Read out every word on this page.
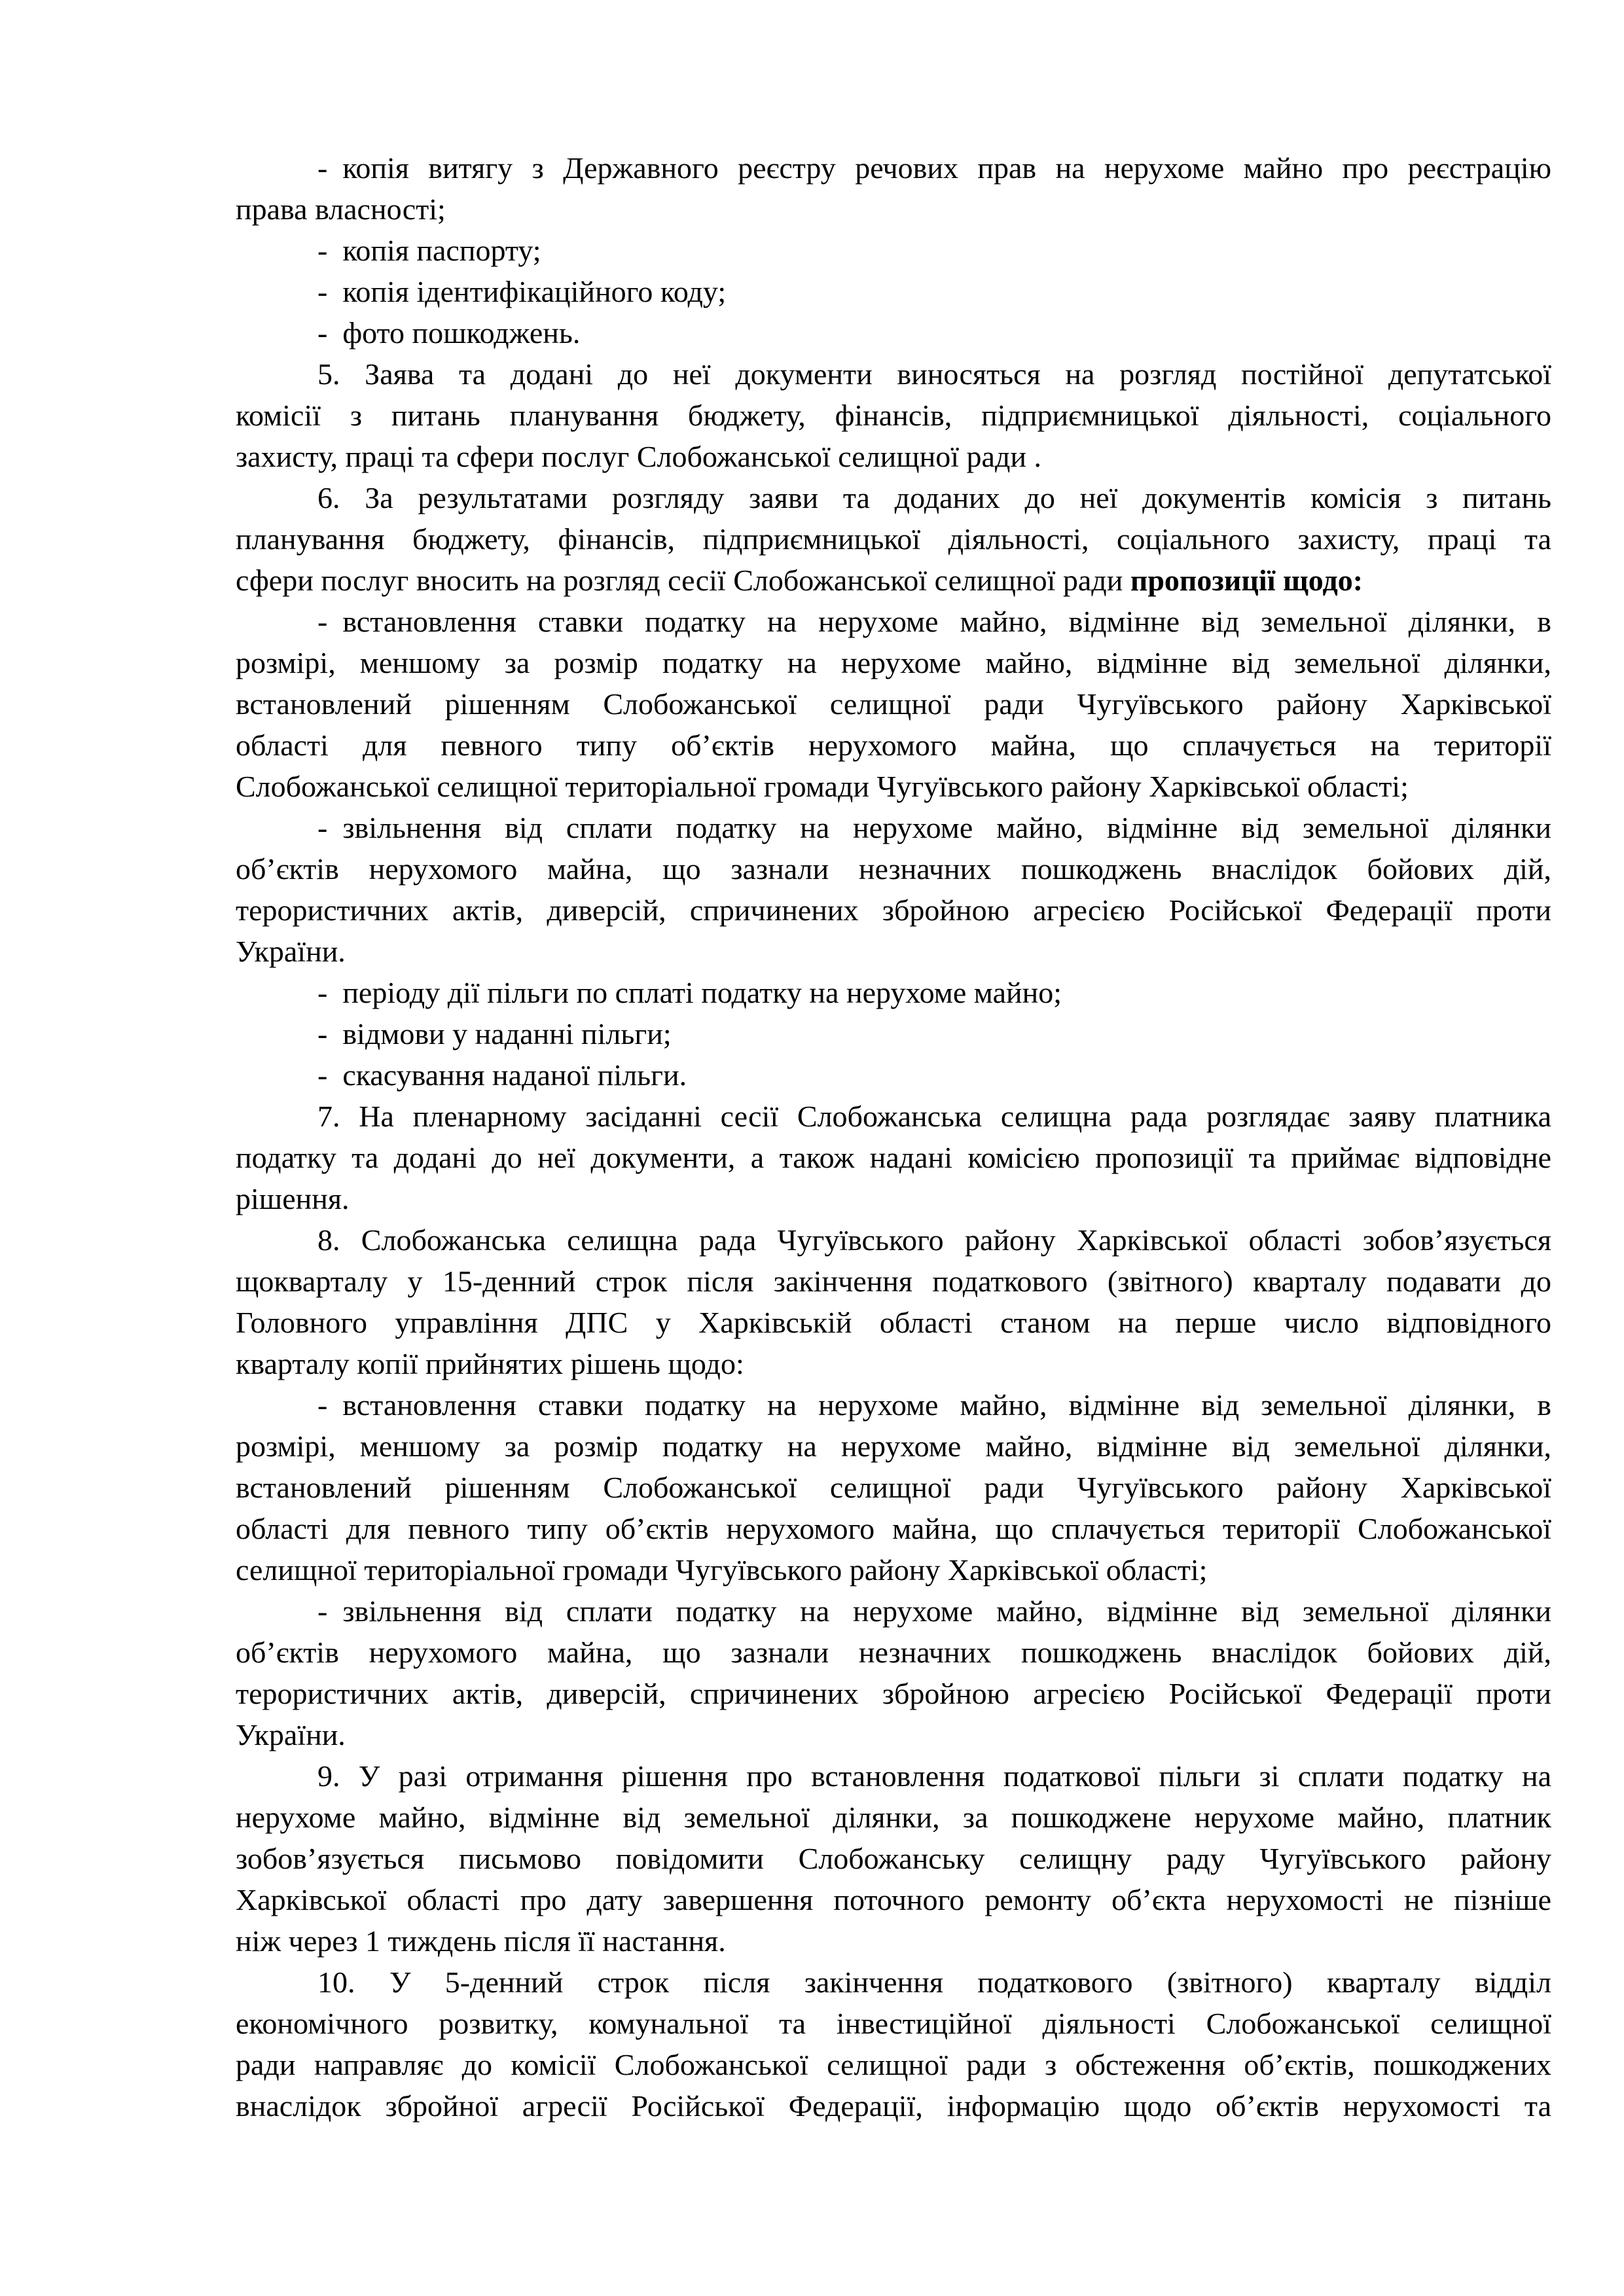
- копія витягу з Державного реєстру речових прав на нерухоме майно про реєстрацію
права власності;
- копія паспорту;
- копія ідентифікаційного коду;
- фото пошкоджень.
5. Заява та додані до неї документи виносяться на розгляд постійної депутатської
комісії з питань планування бюджету, фінансів, підприємницької діяльності, соціального
захисту, праці та сфери послуг Слобожанської селищної ради .
6. За результатами розгляду заяви та доданих до неї документів комісія з питань
планування бюджету, фінансів, підприємницької діяльності, соціального захисту, праці та
сфери послуг вносить на розгляд сесії Слобожанської селищної ради пропозиції щодо:
- встановлення ставки податку на нерухоме майно, відмінне від земельної ділянки, в
розмірі, меншому за розмір податку на нерухоме майно, відмінне від земельної ділянки,
встановлений рішенням Слобожанської селищної ради Чугуївського району Харківської
області для певного типу об’єктів нерухомого майна, що сплачується на території
Слобожанської селищної територіальної громади Чугуївського району Харківської області;
- звільнення від сплати податку на нерухоме майно, відмінне від земельної ділянки
об’єктів нерухомого майна, що зазнали незначних пошкоджень внаслідок бойових дій,
терористичних актів, диверсій, спричинених збройною агресією Російської Федерації проти
України.
- періоду дії пільги по сплаті податку на нерухоме майно;
- відмови у наданні пільги;
- скасування наданої пільги.
7. На пленарному засіданні сесії Слобожанська селищна рада розглядає заяву платника
податку та додані до неї документи, а також надані комісією пропозиції та приймає відповідне
рішення.
8. Слобожанська селищна рада Чугуївського району Харківської області зобов’язується
щокварталу у 15-денний строк після закінчення податкового (звітного) кварталу подавати до
Головного управління ДПС у Харківській області станом на перше число відповідного
кварталу копії прийнятих рішень щодо:
- встановлення ставки податку на нерухоме майно, відмінне від земельної ділянки, в
розмірі, меншому за розмір податку на нерухоме майно, відмінне від земельної ділянки,
встановлений рішенням Слобожанської селищної ради Чугуївського району Харківської
області для певного типу об’єктів нерухомого майна, що сплачується території Слобожанської
селищної територіальної громади Чугуївського району Харківської області;
- звільнення від сплати податку на нерухоме майно, відмінне від земельної ділянки
об’єктів нерухомого майна, що зазнали незначних пошкоджень внаслідок бойових дій,
терористичних актів, диверсій, спричинених збройною агресією Російської Федерації проти
України.
9. У разі отримання рішення про встановлення податкової пільги зі сплати податку на
нерухоме майно, відмінне від земельної ділянки, за пошкоджене нерухоме майно, платник
зобов’язується письмово повідомити Слобожанську селищну раду Чугуївського району
Харківської області про дату завершення поточного ремонту об’єкта нерухомості не пізніше
ніж через 1 тиждень після її настання.
10. У 5-денний строк після закінчення податкового (звітного) кварталу відділ
економічного розвитку, комунальної та інвестиційної діяльності Слобожанської селищної
ради направляє до комісії Слобожанської селищної ради з обстеження об’єктів, пошкоджених
внаслідок збройної агресії Російської Федерації, інформацію щодо об’єктів нерухомості та
